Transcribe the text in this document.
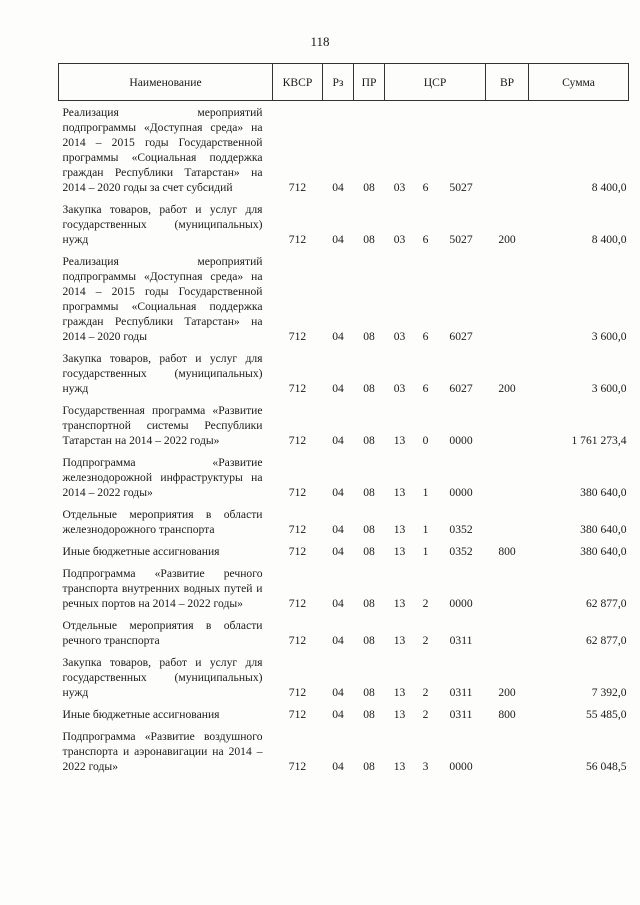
118
Наименование	КВСР	Рз	ПР	ЦСР			ВР	Сумма
Реализация мероприятий подпрограммы «Доступная среда» на 2014 – 2015 годы Государственной программы «Социальная поддержка граждан Республики Татарстан» на 2014 – 2020 годы за счет субсидий	712	04	08	03	6	5027		8 400,0
Закупка товаров, работ и услуг для государственных (муниципальных) нужд	712	04	08	03	6	5027	200	8 400,0
Реализация мероприятий подпрограммы «Доступная среда» на 2014 – 2015 годы Государственной программы «Социальная поддержка граждан Республики Татарстан» на 2014 – 2020 годы	712	04	08	03	6	6027		3 600,0
Закупка товаров, работ и услуг для государственных (муниципальных) нужд	712	04	08	03	6	6027	200	3 600,0
Государственная программа «Развитие транспортной системы Республики Татарстан на 2014 – 2022 годы»	712	04	08	13	0	0000		1 761 273,4
Подпрограмма «Развитие железнодорожной инфраструктуры на 2014 – 2022 годы»	712	04	08	13	1	0000		380 640,0
Отдельные мероприятия в области железнодорожного транспорта	712	04	08	13	1	0352		380 640,0
Иные бюджетные ассигнования	712	04	08	13	1	0352	800	380 640,0
Подпрограмма «Развитие речного транспорта внутренних водных путей и речных портов на 2014 – 2022 годы»	712	04	08	13	2	0000		62 877,0
Отдельные мероприятия в области речного транспорта	712	04	08	13	2	0311		62 877,0
Закупка товаров, работ и услуг для государственных (муниципальных) нужд	712	04	08	13	2	0311	200	7 392,0
Иные бюджетные ассигнования	712	04	08	13	2	0311	800	55 485,0
Подпрограмма «Развитие воздушного транспорта и аэронавигации на 2014 – 2022 годы»	712	04	08	13	3	0000		56 048,5
